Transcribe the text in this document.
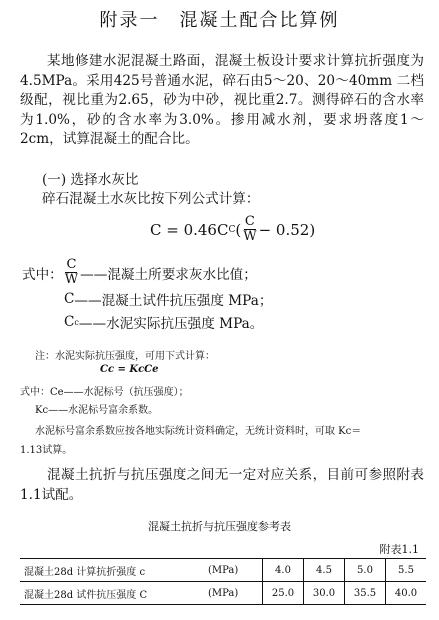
附录一　混凝土配合比算例
某地修建水泥混凝土路面，混凝土板设计要求计算抗折强度为4.5MPa。采用425号普通水泥，碎石由5～20、20～40mm 二档级配，视比重为2.65，砂为中砂，视比重2.7。测得碎石的含水率为1.0%，砂的含水率为3.0%。掺用减水剂，要求坍落度1～2cm，试算混凝土的配合比。
(一) 选择水灰比
碎石混凝土水灰比按下列公式计算：
C = 0.46C C ( $\frac{C}{W} - 0.52$)
式中： $\frac{C}{W}$ ——混凝土所要求灰水比值；
C ——混凝土试件抗压强度 MPa；
C c ——水泥实际抗压强度 MPa。
注：水泥实际抗压强度，可用下式计算：
Cc = KcCe
式中：Ce——水泥标号（抗压强度）；
Kc——水泥标号富余系数。
水泥标号富余系数应按各地实际统计资料确定，无统计资料时，可取 Kc＝
1.13试算。
混凝土抗折与抗压强度之间无一定对应关系，目前可参照附表1.1试配。
混凝土抗折与抗压强度参考表
附表1.1
混凝土28d 计算抗折强度 c	(MPa)	4.0	4.5	5.0	5.5
混凝土28d 试件抗压强度 C	(MPa)	25.0	30.0	35.5	40.0
